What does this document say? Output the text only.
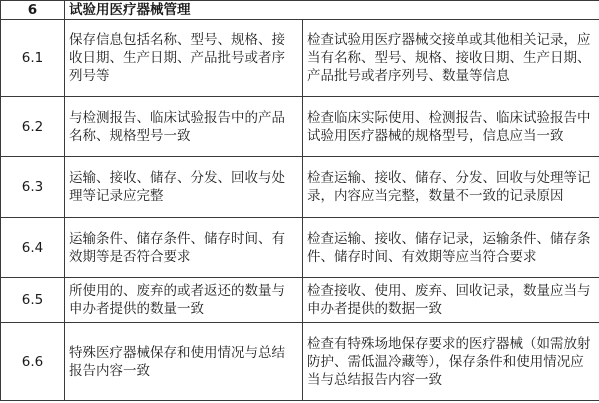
6	试验用医疗器械管理	
6.1	保存信息包括名称、型号、规格、接收日期、生产日期、产品批号或者序列号等	检查试验用医疗器械交接单或其他相关记录，应当有名称、型号、规格、接收日期、生产日期、产品批号或者序列号、数量等信息
6.2	与检测报告、临床试验报告中的产品名称、规格型号一致	检查临床实际使用、检测报告、临床试验报告中试验用医疗器械的规格型号，信息应当一致
6.3	运输、接收、储存、分发、回收与处理等记录应完整	检查运输、接收、储存、分发、回收与处理等记录，内容应当完整，数量不一致的记录原因
6.4	运输条件、储存条件、储存时间、有效期等是否符合要求	检查运输、接收、储存记录，运输条件、储存条件、储存时间、有效期等应当符合要求
6.5	所使用的、废弃的或者返还的数量与申办者提供的数量一致	检查接收、使用、废弃、回收记录，数量应当与申办者提供的数据一致
6.6	特殊医疗器械保存和使用情况与总结报告内容一致	检查有特殊场地保存要求的医疗器械（如需放射防护、需低温冷藏等），保存条件和使用情况应当与总结报告内容一致
